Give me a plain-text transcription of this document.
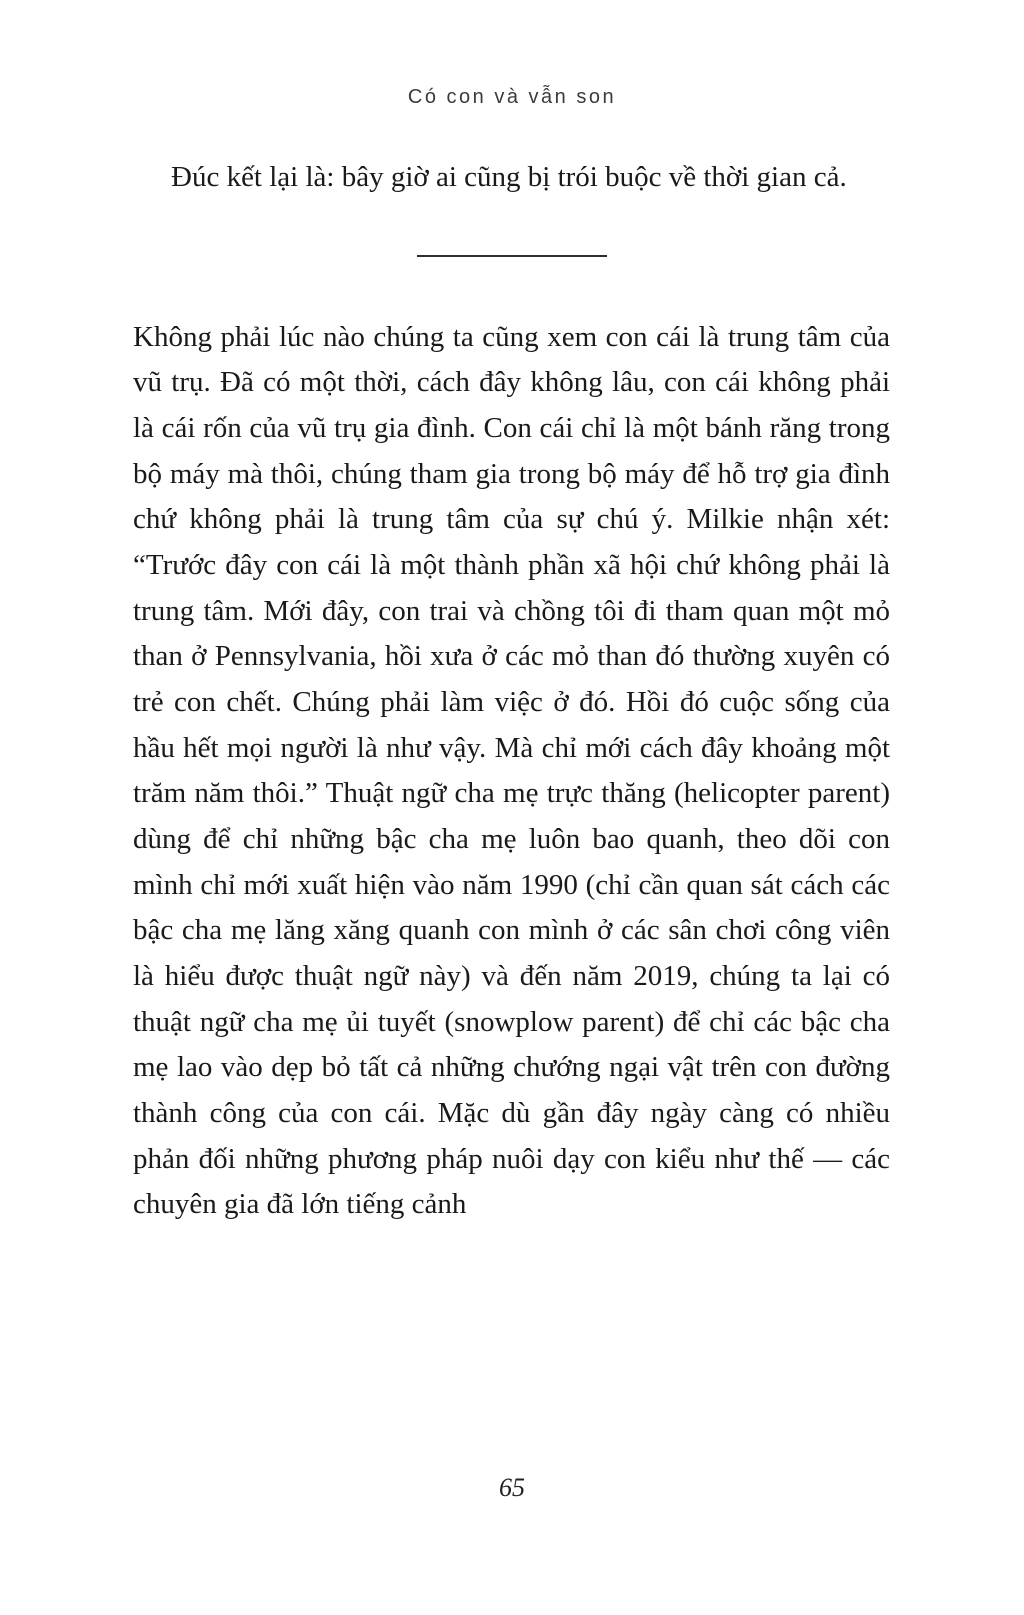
Có con và vẫn son

Đúc kết lại là: bây giờ ai cũng bị trói buộc về thời gian cả.

Không phải lúc nào chúng ta cũng xem con cái là trung tâm của vũ trụ. Đã có một thời, cách đây không lâu, con cái không phải là cái rốn của vũ trụ gia đình. Con cái chỉ là một bánh răng trong bộ máy mà thôi, chúng tham gia trong bộ máy để hỗ trợ gia đình chứ không phải là trung tâm của sự chú ý. Milkie nhận xét: “Trước đây con cái là một thành phần xã hội chứ không phải là trung tâm. Mới đây, con trai và chồng tôi đi tham quan một mỏ than ở Pennsylvania, hồi xưa ở các mỏ than đó thường xuyên có trẻ con chết. Chúng phải làm việc ở đó. Hồi đó cuộc sống của hầu hết mọi người là như vậy. Mà chỉ mới cách đây khoảng một trăm năm thôi.” Thuật ngữ cha mẹ trực thăng (helicopter parent) dùng để chỉ những bậc cha mẹ luôn bao quanh, theo dõi con mình chỉ mới xuất hiện vào năm 1990 (chỉ cần quan sát cách các bậc cha mẹ lăng xăng quanh con mình ở các sân chơi công viên là hiểu được thuật ngữ này) và đến năm 2019, chúng ta lại có thuật ngữ cha mẹ ủi tuyết (snowplow parent) để chỉ các bậc cha mẹ lao vào dẹp bỏ tất cả những chướng ngại vật trên con đường thành công của con cái. Mặc dù gần đây ngày càng có nhiều phản đối những phương pháp nuôi dạy con kiểu như thế — các chuyên gia đã lớn tiếng cảnh

65
